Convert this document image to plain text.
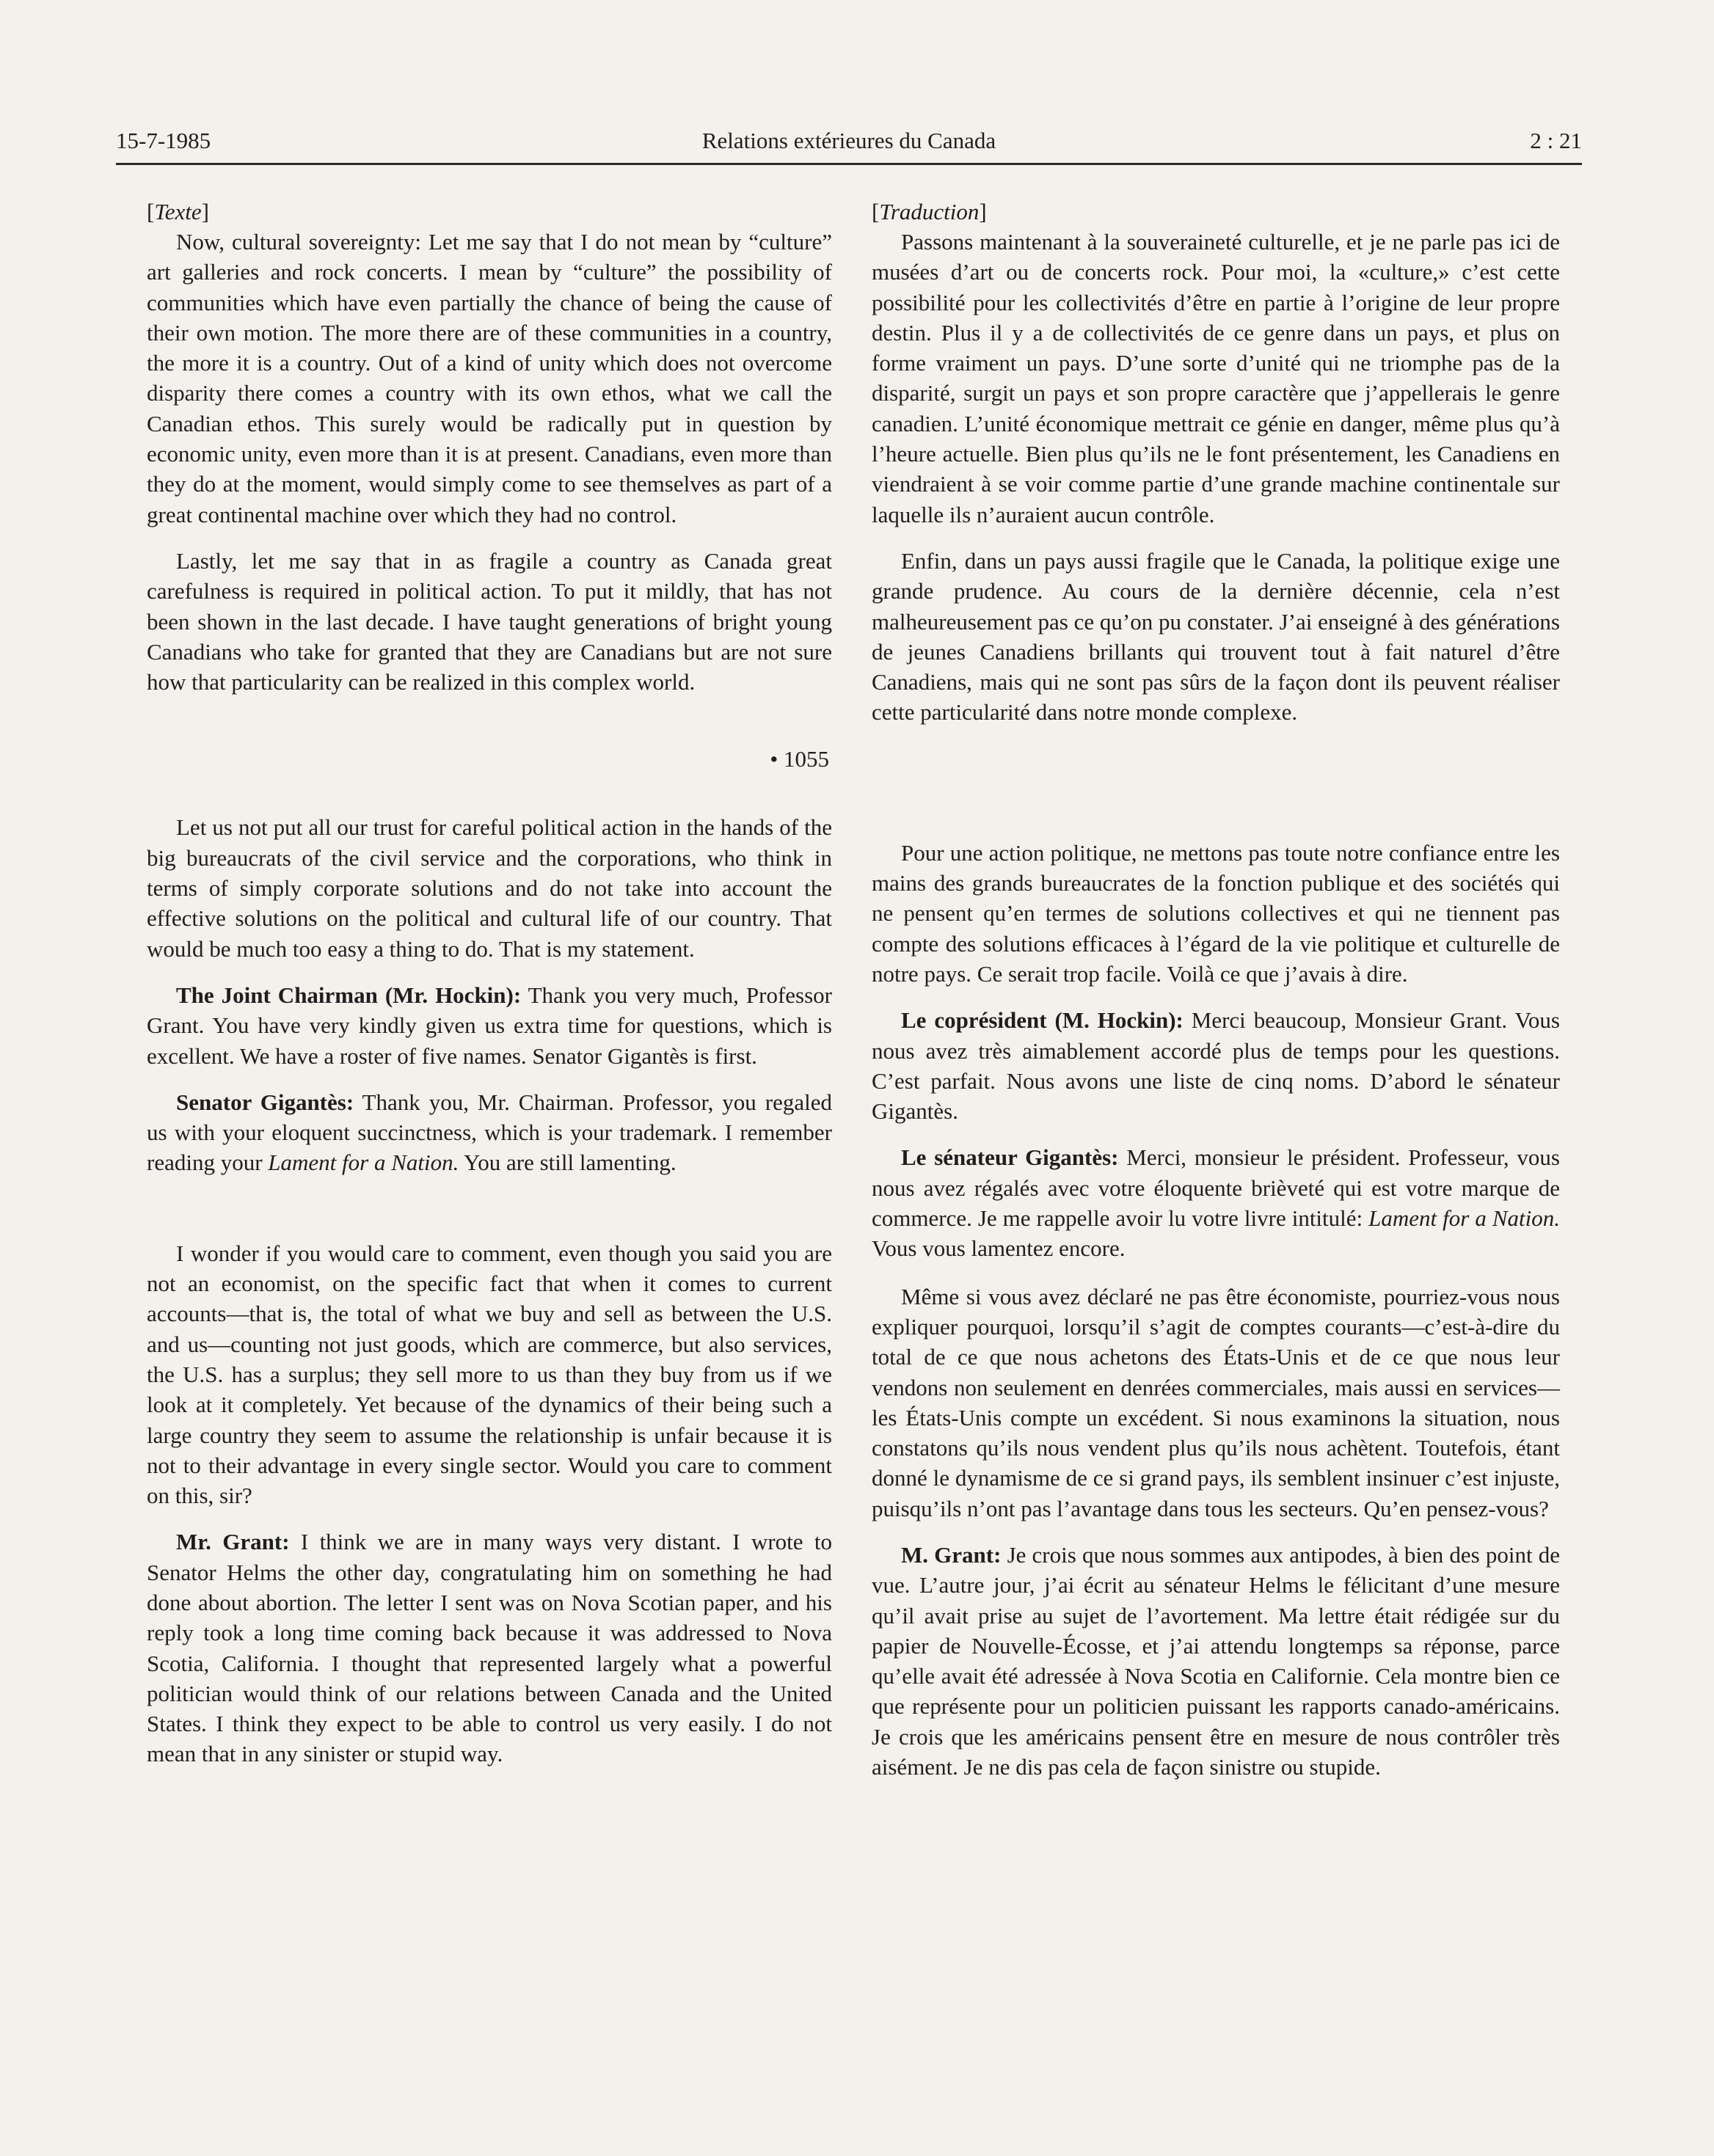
15-7-1985	Relations extérieures du Canada	2 : 21

[Texte]

Now, cultural sovereignty: Let me say that I do not mean by “culture” art galleries and rock concerts. I mean by “culture” the possibility of communities which have even partially the chance of being the cause of their own motion. The more there are of these communities in a country, the more it is a country. Out of a kind of unity which does not overcome disparity there comes a country with its own ethos, what we call the Canadian ethos. This surely would be radically put in question by economic unity, even more than it is at present. Canadians, even more than they do at the moment, would simply come to see themselves as part of a great continental machine over which they had no control.

Lastly, let me say that in as fragile a country as Canada great carefulness is required in political action. To put it mildly, that has not been shown in the last decade. I have taught generations of bright young Canadians who take for granted that they are Canadians but are not sure how that particularity can be realized in this complex world.

• 1055

Let us not put all our trust for careful political action in the hands of the big bureaucrats of the civil service and the corporations, who think in terms of simply corporate solutions and do not take into account the effective solutions on the political and cultural life of our country. That would be much too easy a thing to do. That is my statement.

The Joint Chairman (Mr. Hockin): Thank you very much, Professor Grant. You have very kindly given us extra time for questions, which is excellent. We have a roster of five names. Senator Gigantès is first.

Senator Gigantès: Thank you, Mr. Chairman. Professor, you regaled us with your eloquent succinctness, which is your trademark. I remember reading your Lament for a Nation. You are still lamenting.

I wonder if you would care to comment, even though you said you are not an economist, on the specific fact that when it comes to current accounts—that is, the total of what we buy and sell as between the U.S. and us—counting not just goods, which are commerce, but also services, the U.S. has a surplus; they sell more to us than they buy from us if we look at it completely. Yet because of the dynamics of their being such a large country they seem to assume the relationship is unfair because it is not to their advantage in every single sector. Would you care to comment on this, sir?

Mr. Grant: I think we are in many ways very distant. I wrote to Senator Helms the other day, congratulating him on something he had done about abortion. The letter I sent was on Nova Scotian paper, and his reply took a long time coming back because it was addressed to Nova Scotia, California. I thought that represented largely what a powerful politician would think of our relations between Canada and the United States. I think they expect to be able to control us very easily. I do not mean that in any sinister or stupid way.

[Traduction]

Passons maintenant à la souveraineté culturelle, et je ne parle pas ici de musées d’art ou de concerts rock. Pour moi, la «culture,» c’est cette possibilité pour les collectivités d’être en partie à l’origine de leur propre destin. Plus il y a de collectivités de ce genre dans un pays, et plus on forme vraiment un pays. D’une sorte d’unité qui ne triomphe pas de la disparité, surgit un pays et son propre caractère que j’appellerais le genre canadien. L’unité économique mettrait ce génie en danger, même plus qu’à l’heure actuelle. Bien plus qu’ils ne le font présentement, les Canadiens en viendraient à se voir comme partie d’une grande machine continentale sur laquelle ils n’auraient aucun contrôle.

Enfin, dans un pays aussi fragile que le Canada, la politique exige une grande prudence. Au cours de la dernière décennie, cela n’est malheureusement pas ce qu’on pu constater. J’ai enseigné à des générations de jeunes Canadiens brillants qui trouvent tout à fait naturel d’être Canadiens, mais qui ne sont pas sûrs de la façon dont ils peuvent réaliser cette particularité dans notre monde complexe.

Pour une action politique, ne mettons pas toute notre confiance entre les mains des grands bureaucrates de la fonction publique et des sociétés qui ne pensent qu’en termes de solutions collectives et qui ne tiennent pas compte des solutions efficaces à l’égard de la vie politique et culturelle de notre pays. Ce serait trop facile. Voilà ce que j’avais à dire.

Le coprésident (M. Hockin): Merci beaucoup, Monsieur Grant. Vous nous avez très aimablement accordé plus de temps pour les questions. C’est parfait. Nous avons une liste de cinq noms. D’abord le sénateur Gigantès.

Le sénateur Gigantès: Merci, monsieur le président. Professeur, vous nous avez régalés avec votre éloquente brièveté qui est votre marque de commerce. Je me rappelle avoir lu votre livre intitulé: Lament for a Nation. Vous vous lamentez encore.

Même si vous avez déclaré ne pas être économiste, pourriez-vous nous expliquer pourquoi, lorsqu’il s’agit de comptes courants—c’est-à-dire du total de ce que nous achetons des États-Unis et de ce que nous leur vendons non seulement en denrées commerciales, mais aussi en services—les États-Unis compte un excédent. Si nous examinons la situation, nous constatons qu’ils nous vendent plus qu’ils nous achètent. Toutefois, étant donné le dynamisme de ce si grand pays, ils semblent insinuer c’est injuste, puisqu’ils n’ont pas l’avantage dans tous les secteurs. Qu’en pensez-vous?

M. Grant: Je crois que nous sommes aux antipodes, à bien des point de vue. L’autre jour, j’ai écrit au sénateur Helms le félicitant d’une mesure qu’il avait prise au sujet de l’avortement. Ma lettre était rédigée sur du papier de Nouvelle-Écosse, et j’ai attendu longtemps sa réponse, parce qu’elle avait été adressée à Nova Scotia en Californie. Cela montre bien ce que représente pour un politicien puissant les rapports canado-américains. Je crois que les américains pensent être en mesure de nous contrôler très aisément. Je ne dis pas cela de façon sinistre ou stupide.
